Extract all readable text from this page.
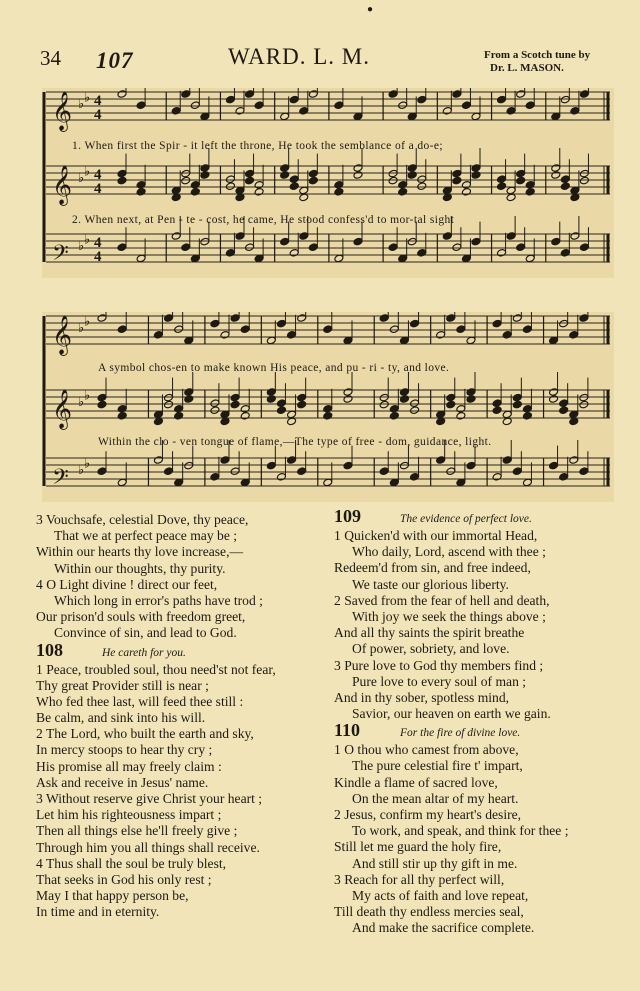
●
34 107	WARD. L. M.	From a Scotch tune by
Dr. L. MASON.
𝄞 ♭ ♭ 4
4
𝄞 ♭ ♭ 4
4
𝄢 ♭ ♭ 4
4
1. When first the Spir - it left the throne, He took the semblance of a do-e;
2. When next, at Pen - te - cost, he came, He stood confess'd to mor-tal sight
𝄞 ♭ ♭
𝄞 ♭ ♭
𝄢 ♭ ♭
A symbol chos-en to make known His peace, and pu - ri - ty, and love.
Within the clo - ven tongue of flame,—The type of free - dom, guidance, light.
3 Vouchsafe, celestial Dove, thy peace,
That we at perfect peace may be ;
Within our hearts thy love increase,—
Within our thoughts, thy purity.
4 O Light divine ! direct our feet,
Which long in error's paths have trod ;
Our prison'd souls with freedom greet,
Convince of sin, and lead to God.
108	He careth for you.
1 Peace, troubled soul, thou need'st not fear,
Thy great Provider still is near ;
Who fed thee last, will feed thee still :
Be calm, and sink into his will.
2 The Lord, who built the earth and sky,
In mercy stoops to hear thy cry ;
His promise all may freely claim :
Ask and receive in Jesus' name.
3 Without reserve give Christ your heart ;
Let him his righteousness impart ;
Then all things else he'll freely give ;
Through him you all things shall receive.
4 Thus shall the soul be truly blest,
That seeks in God his only rest ;
May I that happy person be,
In time and in eternity.
109	The evidence of perfect love.
1 Quicken'd with our immortal Head,
Who daily, Lord, ascend with thee ;
Redeem'd from sin, and free indeed,
We taste our glorious liberty.
2 Saved from the fear of hell and death,
With joy we seek the things above ;
And all thy saints the spirit breathe
Of power, sobriety, and love.
3 Pure love to God thy members find ;
Pure love to every soul of man ;
And in thy sober, spotless mind,
Savior, our heaven on earth we gain.
110	For the fire of divine love.
1 O thou who camest from above,
The pure celestial fire t' impart,
Kindle a flame of sacred love,
On the mean altar of my heart.
2 Jesus, confirm my heart's desire,
To work, and speak, and think for thee ;
Still let me guard the holy fire,
And still stir up thy gift in me.
3 Reach for all thy perfect will,
My acts of faith and love repeat,
Till death thy endless mercies seal,
And make the sacrifice complete.
